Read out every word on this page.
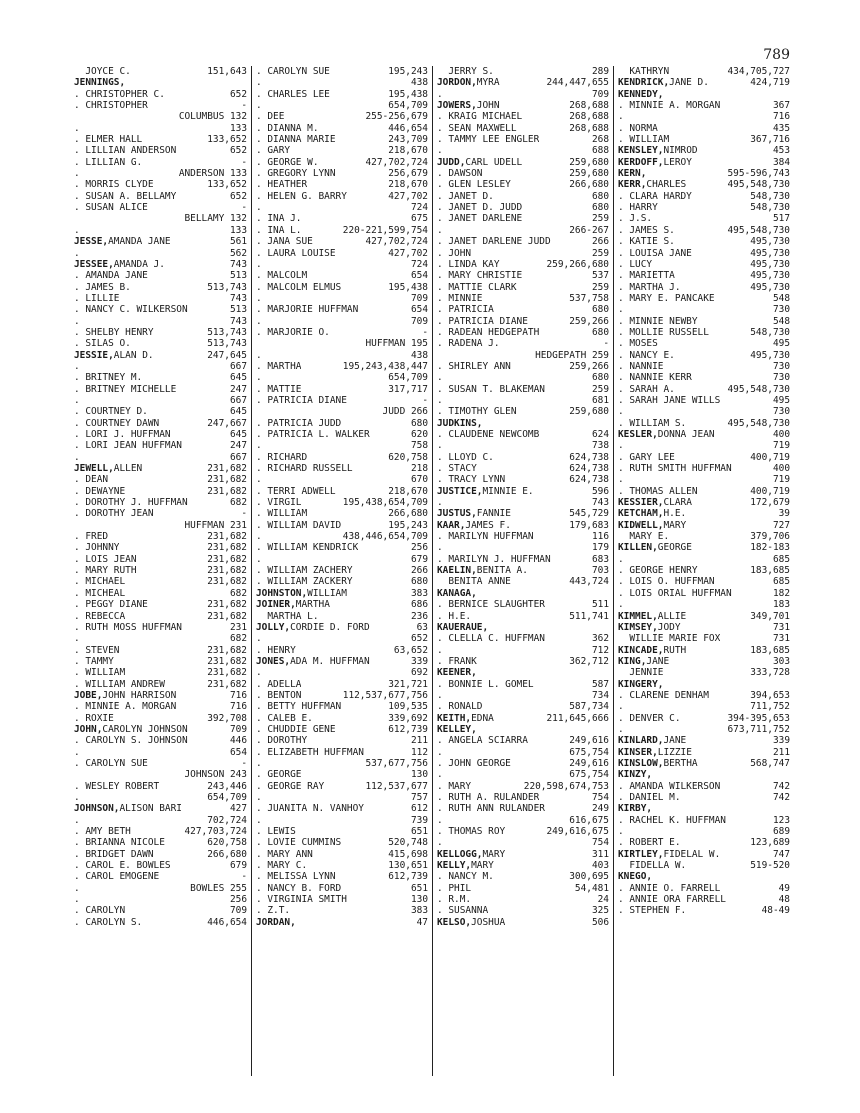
789
JOYCE C.	151,643
JENNINGS,
. CHRISTOPHER C.	652
. CHRISTOPHER	-
COLUMBUS 132
.	133
. ELMER HALL	133,652
. LILLIAN ANDERSON	652
. LILLIAN G.	-
.	ANDERSON 133
. MORRIS CLYDE	133,652
. SUSAN A. BELLAMY	652
. SUSAN ALICE	-
BELLAMY 132
.	133
JESSE,AMANDA JANE	561
.	562
JESSEE,AMANDA J.	743
. AMANDA JANE	513
. JAMES B.	513,743
. LILLIE	743
. NANCY C. WILKERSON	513
.	743
. SHELBY HENRY	513,743
. SILAS O.	513,743
JESSIE,ALAN D.	247,645
.	667
. BRITNEY M.	645
. BRITNEY MICHELLE	247
.	667
. COURTNEY D.	645
. COURTNEY DAWN	247,667
. LORI J. HUFFMAN	645
. LORI JEAN HUFFMAN	247
.	667
JEWELL,ALLEN	231,682
. DEAN	231,682
. DEWAYNE	231,682
. DOROTHY J. HUFFMAN	682
. DOROTHY JEAN	-
HUFFMAN 231
. FRED	231,682
. JOHNNY	231,682
. LOIS JEAN	231,682
. MARY RUTH	231,682
. MICHAEL	231,682
. MICHEAL	682
. PEGGY DIANE	231,682
. REBECCA	231,682
. RUTH MOSS HUFFMAN	231
.	682
. STEVEN	231,682
. TAMMY	231,682
. WILLIAM	231,682
. WILLIAM ANDREW	231,682
JOBE,JOHN HARRISON	716
. MINNIE A. MORGAN	716
. ROXIE	392,708
JOHN,CAROLYN JOHNSON	709
. CAROLYN S. JOHNSON	446
.	654
. CAROLYN SUE	-
JOHNSON 243
. WESLEY ROBERT	243,446
.	654,709
JOHNSON,ALISON BARI	427
.	702,724
. AMY BETH	427,703,724
. BRIANNA NICOLE	620,758
. BRIDGET DAWN	266,680
. CAROL E. BOWLES	679
. CAROL EMOGENE	-
.	BOWLES 255
.	256
. CAROLYN	709
. CAROLYN S.	446,654
. CAROLYN SUE	195,243
.	438
. CHARLES LEE	195,438
.	654,709
. DEE	255-256,679
. DIANNA M.	446,654
. DIANNA MARIE	243,709
. GARY	218,670
. GEORGE W.	427,702,724
. GREGORY LYNN	256,679
. HEATHER	218,670
. HELEN G. BARRY	427,702
.	724
. INA J.	675
. INA L.	220-221,599,754
. JANA SUE	427,702,724
. LAURA LOUISE	427,702
.	724
. MALCOLM	654
. MALCOLM ELMUS	195,438
.	709
. MARJORIE HUFFMAN	654
.	709
. MARJORIE O.	-
HUFFMAN 195
.	438
. MARTHA	195,243,438,447
.	654,709
. MATTIE	317,717
. PATRICIA DIANE	-
JUDD 266
. PATRICIA JUDD	680
. PATRICIA L. WALKER	620
.	758
. RICHARD	620,758
. RICHARD RUSSELL	218
.	670
. TERRI ADWELL	218,670
. VIRGIL	195,438,654,709
. WILLIAM	266,680
. WILLIAM DAVID	195,243
.	438,446,654,709
. WILLIAM KENDRICK	256
.	679
. WILLIAM ZACHERY	266
. WILLIAM ZACKERY	680
JOHNSTON,WILLIAM	383
JOINER,MARTHA	686
MARTHA L.	236
JOLLY,CORDIE D. FORD	63
.	652
. HENRY	63,652
JONES,ADA M. HUFFMAN	339
.	692
. ADELLA	321,721
. BENTON	112,537,677,756
. BETTY HUFFMAN	109,535
. CALEB E.	339,692
. CHUDDIE GENE	612,739
. DOROTHY	211
. ELIZABETH HUFFMAN	112
.	537,677,756
. GEORGE	130
. GEORGE RAY	112,537,677
.	757
. JUANITA N. VANHOY	612
.	739
. LEWIS	651
. LOVIE CUMMINS	520,748
. MARY ANN	415,698
. MARY C.	130,651
. MELISSA LYNN	612,739
. NANCY B. FORD	651
. VIRGINIA SMITH	130
. Z.T.	383
JORDAN,	47
JERRY S.	289
JORDON,MYRA	244,447,655
.	709
JOWERS,JOHN	268,688
. KRAIG MICHAEL	268,688
. SEAN MAXWELL	268,688
. TAMMY LEE ENGLER	268
.	688
JUDD,CARL UDELL	259,680
. DAWSON	259,680
. GLEN LESLEY	266,680
. JANET D.	680
. JANET D. JUDD	680
. JANET DARLENE	259
.	266-267
. JANET DARLENE JUDD	266
. JOHN	259
. LINDA KAY	259,266,680
. MARY CHRISTIE	537
. MATTIE CLARK	259
. MINNIE	537,758
. PATRICIA	680
. PATRICIA DIANE	259,266
. RADEAN HEDGEPATH	680
. RADENA J.	-
HEDGEPATH 259
. SHIRLEY ANN	259,266
.	680
. SUSAN T. BLAKEMAN	259
.	681
. TIMOTHY GLEN	259,680
JUDKINS,
. CLAUDENE NEWCOMB	624
.	738
. LLOYD C.	624,738
. STACY	624,738
. TRACY LYNN	624,738
JUSTICE,MINNIE E.	596
.	743
JUSTUS,FANNIE	545,729
KAAR,JAMES F.	179,683
. MARILYN HUFFMAN	116
.	179
. MARILYN J. HUFFMAN	683
KAELIN,BENITA A.	703
BENITA ANNE	443,724
KANAGA,
. BERNICE SLAUGHTER	511
. H.E.	511,741
KAUERAUE,
. CLELLA C. HUFFMAN	362
.	712
. FRANK	362,712
KEENER,
. BONNIE L. GOMEL	587
.	734
. RONALD	587,734
KEITH,EDNA	211,645,666
KELLEY,
. ANGELA SCIARRA	249,616
.	675,754
. JOHN GEORGE	249,616
.	675,754
. MARY	220,598,674,753
. RUTH A. RULANDER	754
. RUTH ANN RULANDER	249
.	616,675
. THOMAS ROY	249,616,675
.	754
KELLOGG,MARY	311
KELLY,MARY	403
. NANCY M.	300,695
. PHIL	54,481
. R.M.	24
. SUSANNA	325
KELSO,JOSHUA	506
KATHRYN	434,705,727
KENDRICK,JANE D.	424,719
KENNEDY,
. MINNIE A. MORGAN	367
.	716
. NORMA	435
. WILLIAM	367,716
KENSLEY,NIMROD	453
KERDOFF,LEROY	384
KERN,	595-596,743
KERR,CHARLES	495,548,730
. CLARA HARDY	548,730
. HARRY	548,730
. J.S.	517
. JAMES S.	495,548,730
. KATIE S.	495,730
. LOUISA JANE	495,730
. LUCY	495,730
. MARIETTA	495,730
. MARTHA J.	495,730
. MARY E. PANCAKE	548
.	730
. MINNIE NEWBY	548
. MOLLIE RUSSELL	548,730
. MOSES	495
. NANCY E.	495,730
. NANNIE	730
. NANNIE KERR	730
. SARAH A.	495,548,730
. SARAH JANE WILLS	495
.	730
. WILLIAM S.	495,548,730
KESLER,DONNA JEAN	400
.	719
. GARY LEE	400,719
. RUTH SMITH HUFFMAN	400
.	719
. THOMAS ALLEN	400,719
KESSIER,CLARA	172,679
KETCHAM,H.E.	39
KIDWELL,MARY	727
MARY E.	379,706
KILLEN,GEORGE	182-183
.	685
. GEORGE HENRY	183,685
. LOIS O. HUFFMAN	685
. LOIS ORIAL HUFFMAN	182
.	183
KIMMEL,ALLIE	349,701
KIMSEY,JODY	731
WILLIE MARIE FOX	731
KINCADE,RUTH	183,685
KING,JANE	303
JENNIE	333,728
KINGERY,
. CLARENE DENHAM	394,653
.	711,752
. DENVER C.	394-395,653
.	673,711,752
KINLARD,JANE	339
KINSER,LIZZIE	211
KINSLOW,BERTHA	568,747
KINZY,
. AMANDA WILKERSON	742
. DANIEL M.	742
KIRBY,
. RACHEL K. HUFFMAN	123
.	689
. ROBERT E.	123,689
KIRTLEY,FIDELAL W.	747
FIDELLA W.	519-520
KNEGO,
. ANNIE O. FARRELL	49
. ANNIE ORA FARRELL	48
. STEPHEN F.	48-49
